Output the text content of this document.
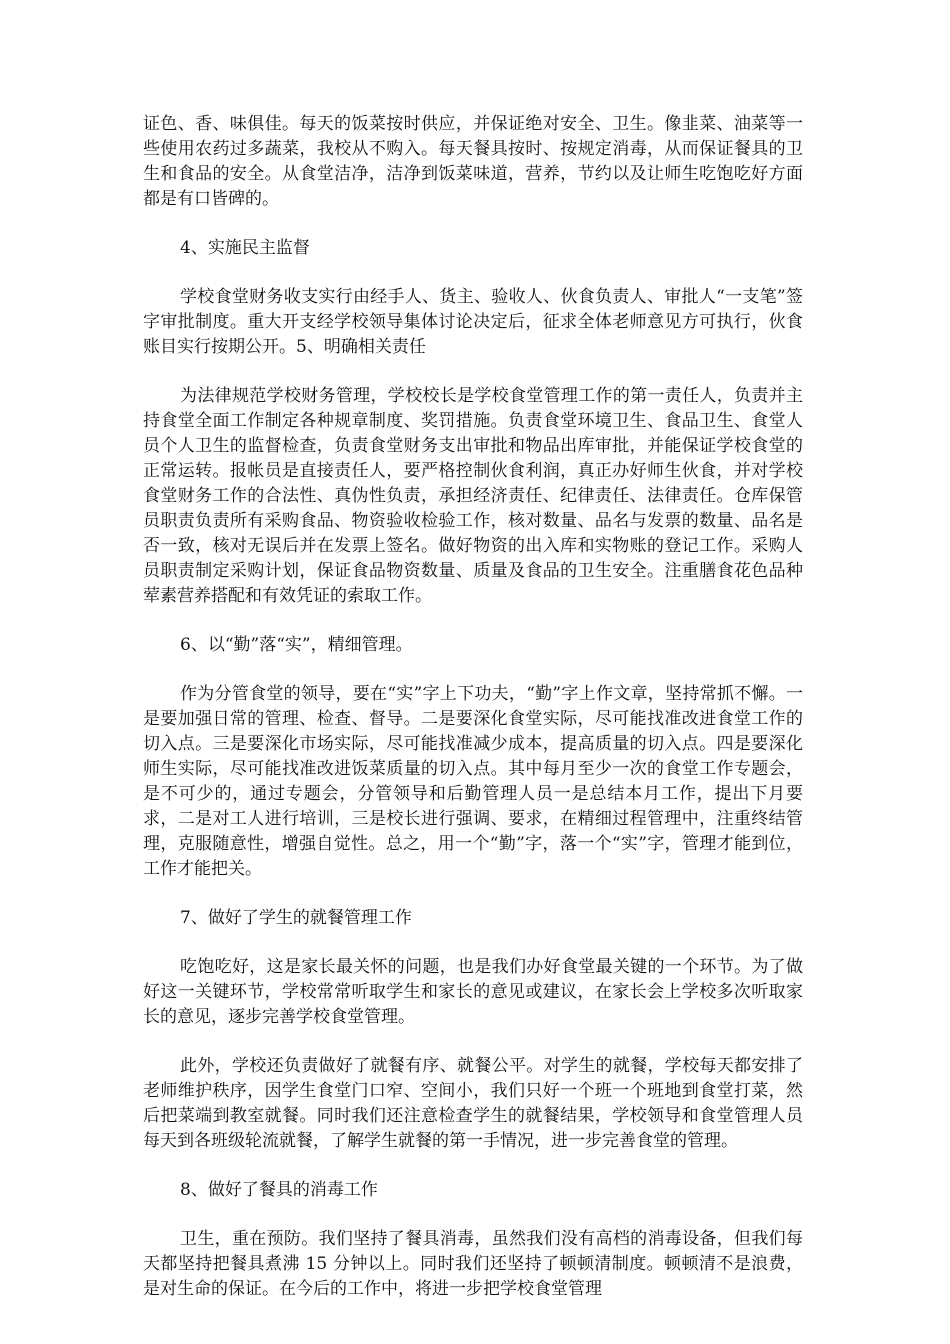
证色、香、味俱佳。每天的饭菜按时供应，并保证绝对安全、卫生。像韭菜、油菜等一些使用农药过多蔬菜，我校从不购入。每天餐具按时、按规定消毒，从而保证餐具的卫生和食品的安全。从食堂洁净，洁净到饭菜味道，营养，节约以及让师生吃饱吃好方面都是有口皆碑的。

4、实施民主监督

学校食堂财务收支实行由经手人、货主、验收人、伙食负责人、审批人“一支笔”签字审批制度。重大开支经学校领导集体讨论决定后，征求全体老师意见方可执行，伙食账目实行按期公开。5、明确相关责任

为法律规范学校财务管理，学校校长是学校食堂管理工作的第一责任人，负责并主持食堂全面工作制定各种规章制度、奖罚措施。负责食堂环境卫生、食品卫生、食堂人员个人卫生的监督检查，负责食堂财务支出审批和物品出库审批，并能保证学校食堂的正常运转。报帐员是直接责任人，要严格控制伙食利润，真正办好师生伙食，并对学校食堂财务工作的合法性、真伪性负责，承担经济责任、纪律责任、法律责任。仓库保管员职责负责所有采购食品、物资验收检验工作，核对数量、品名与发票的数量、品名是否一致，核对无误后并在发票上签名。做好物资的出入库和实物账的登记工作。采购人员职责制定采购计划，保证食品物资数量、质量及食品的卫生安全。注重膳食花色品种荤素营养搭配和有效凭证的索取工作。

6、以“勤”落“实”，精细管理。

作为分管食堂的领导，要在“实”字上下功夫，“勤”字上作文章，坚持常抓不懈。一是要加强日常的管理、检查、督导。二是要深化食堂实际，尽可能找准改进食堂工作的切入点。三是要深化市场实际，尽可能找准减少成本，提高质量的切入点。四是要深化师生实际，尽可能找准改进饭菜质量的切入点。其中每月至少一次的食堂工作专题会，是不可少的，通过专题会，分管领导和后勤管理人员一是总结本月工作，提出下月要求，二是对工人进行培训，三是校长进行强调、要求，在精细过程管理中，注重终结管理，克服随意性，增强自觉性。总之，用一个“勤”字，落一个“实”字，管理才能到位，工作才能把关。

7、做好了学生的就餐管理工作

吃饱吃好，这是家长最关怀的问题，也是我们办好食堂最关键的一个环节。为了做好这一关键环节，学校常常听取学生和家长的意见或建议，在家长会上学校多次听取家长的意见，逐步完善学校食堂管理。

此外，学校还负责做好了就餐有序、就餐公平。对学生的就餐，学校每天都安排了老师维护秩序，因学生食堂门口窄、空间小，我们只好一个班一个班地到食堂打菜，然后把菜端到教室就餐。同时我们还注意检查学生的就餐结果，学校领导和食堂管理人员每天到各班级轮流就餐，了解学生就餐的第一手情况，进一步完善食堂的管理。

8、做好了餐具的消毒工作

卫生，重在预防。我们坚持了餐具消毒，虽然我们没有高档的消毒设备，但我们每天都坚持把餐具煮沸 15 分钟以上。同时我们还坚持了顿顿清制度。顿顿清不是浪费，是对生命的保证。在今后的工作中，将进一步把学校食堂管理
